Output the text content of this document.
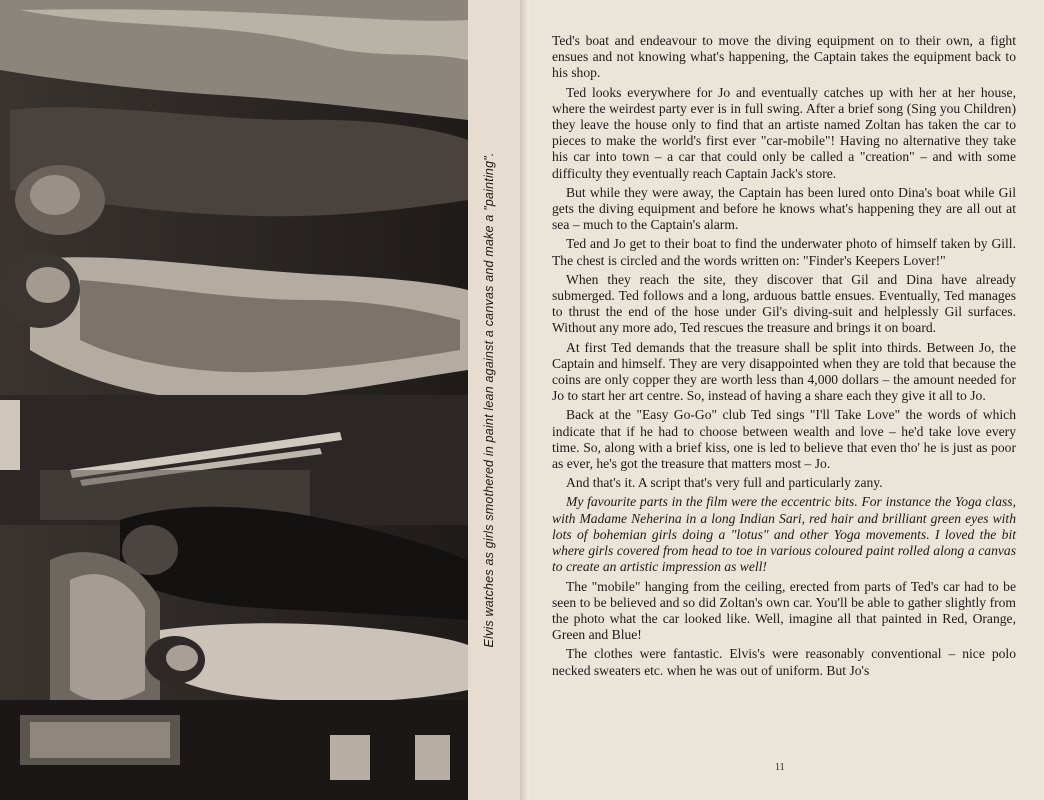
Elvis watches as girls smothered in paint lean against a canvas and make a "painting".

Ted's boat and endeavour to move the diving equipment on to their own, a fight ensues and not knowing what's happening, the Captain takes the equipment back to his shop.

Ted looks everywhere for Jo and eventually catches up with her at her house, where the weirdest party ever is in full swing. After a brief song (Sing you Children) they leave the house only to find that an artiste named Zoltan has taken the car to pieces to make the world's first ever "car-mobile"! Having no alternative they take his car into town – a car that could only be called a "creation" – and with some difficulty they eventually reach Captain Jack's store.

But while they were away, the Captain has been lured onto Dina's boat while Gil gets the diving equipment and before he knows what's happening they are all out at sea – much to the Captain's alarm.

Ted and Jo get to their boat to find the underwater photo of himself taken by Gill. The chest is circled and the words written on: "Finder's Keepers Lover!"

When they reach the site, they discover that Gil and Dina have already submerged. Ted follows and a long, arduous battle ensues. Eventually, Ted manages to thrust the end of the hose under Gil's diving-suit and helplessly Gil surfaces. Without any more ado, Ted rescues the treasure and brings it on board.

At first Ted demands that the treasure shall be split into thirds. Between Jo, the Captain and himself. They are very disappointed when they are told that because the coins are only copper they are worth less than 4,000 dollars – the amount needed for Jo to start her art centre. So, instead of having a share each they give it all to Jo.

Back at the "Easy Go-Go" club Ted sings "I'll Take Love" the words of which indicate that if he had to choose between wealth and love – he'd take love every time. So, along with a brief kiss, one is led to believe that even tho' he is just as poor as ever, he's got the treasure that matters most – Jo.

And that's it. A script that's very full and particularly zany.

My favourite parts in the film were the eccentric bits. For instance the Yoga class, with Madame Neherina in a long Indian Sari, red hair and brilliant green eyes with lots of bohemian girls doing a "lotus" and other Yoga movements. I loved the bit where girls covered from head to toe in various coloured paint rolled along a canvas to create an artistic impression as well!

The "mobile" hanging from the ceiling, erected from parts of Ted's car had to be seen to be believed and so did Zoltan's own car. You'll be able to gather slightly from the photo what the car looked like. Well, imagine all that painted in Red, Orange, Green and Blue!

The clothes were fantastic. Elvis's were reasonably conventional – nice polo necked sweaters etc. when he was out of uniform. But Jo's

11
